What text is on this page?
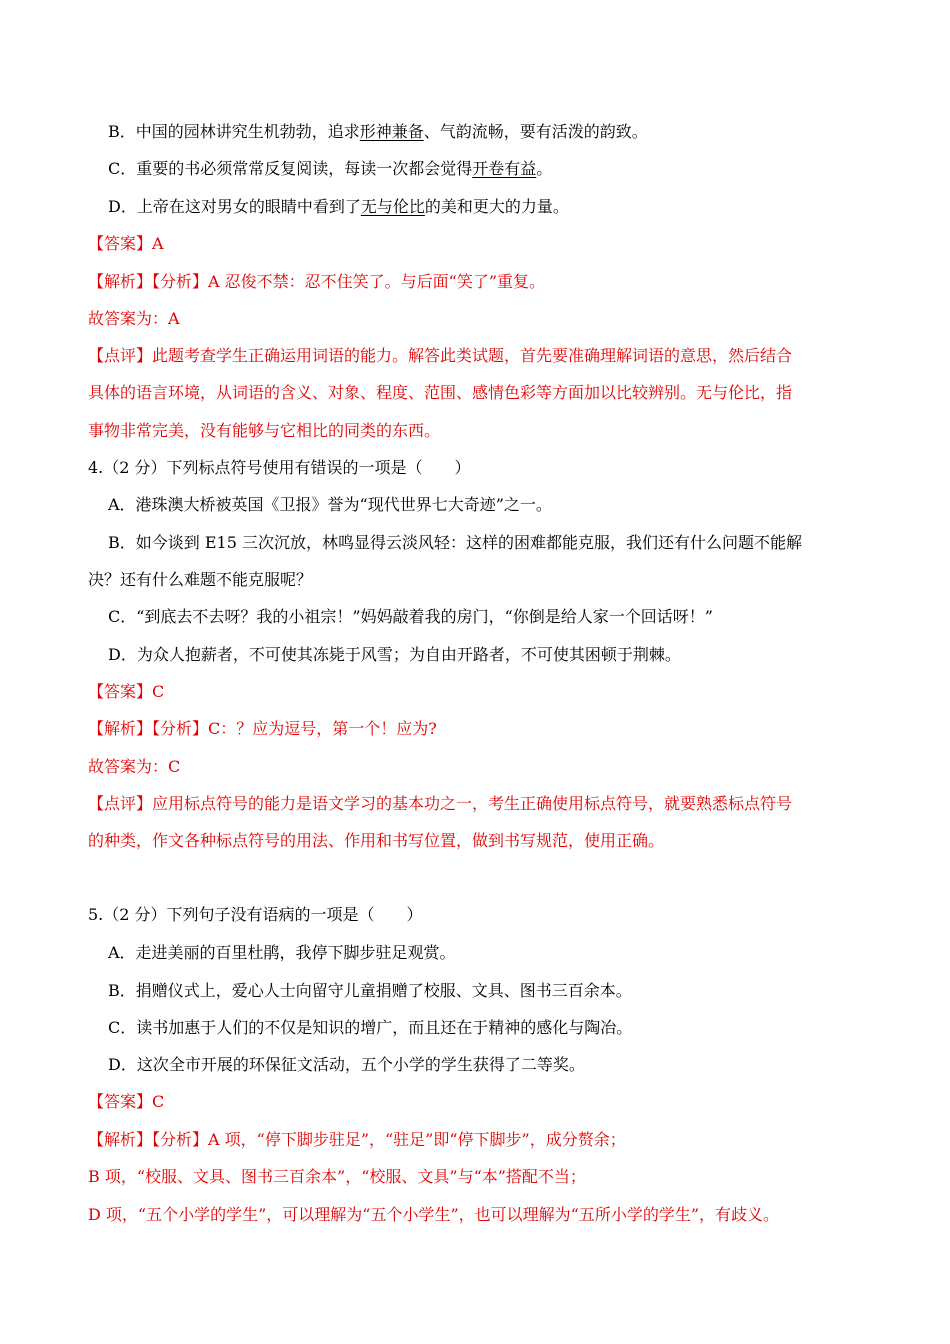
B．中国的园林讲究生机勃勃，追求形神兼备、气韵流畅，要有活泼的韵致。
C．重要的书必须常常反复阅读，每读一次都会觉得开卷有益。
D．上帝在这对男女的眼睛中看到了无与伦比的美和更大的力量。
【答案】A
【解析】【分析】A 忍俊不禁：忍不住笑了。与后面“笑了”重复。
故答案为：A
【点评】此题考查学生正确运用词语的能力。解答此类试题，首先要准确理解词语的意思，然后结合
具体的语言环境，从词语的含义、对象、程度、范围、感情色彩等方面加以比较辨别。无与伦比，指
事物非常完美，没有能够与它相比的同类的东西。
4.（2 分）下列标点符号使用有错误的一项是（　　）
A．港珠澳大桥被英国《卫报》誉为“现代世界七大奇迹”之一。
B．如今谈到 E15 三次沉放，林鸣显得云淡风轻：这样的困难都能克服，我们还有什么问题不能解
决？还有什么难题不能克服呢？
C．“到底去不去呀？我的小祖宗！”妈妈敲着我的房门，“你倒是给人家一个回话呀！”
D．为众人抱薪者，不可使其冻毙于风雪；为自由开路者，不可使其困顿于荆棘。
【答案】C
【解析】【分析】C：？应为逗号，第一个！应为?
故答案为：C
【点评】应用标点符号的能力是语文学习的基本功之一，考生正确使用标点符号，就要熟悉标点符号
的种类，作文各种标点符号的用法、作用和书写位置，做到书写规范，使用正确。
5.（2 分）下列句子没有语病的一项是（　　）
A．走进美丽的百里杜鹃，我停下脚步驻足观赏。
B．捐赠仪式上，爱心人士向留守儿童捐赠了校服、文具、图书三百余本。
C．读书加惠于人们的不仅是知识的增广，而且还在于精神的感化与陶冶。
D．这次全市开展的环保征文活动，五个小学的学生获得了二等奖。
【答案】C
【解析】【分析】A 项，“停下脚步驻足”，“驻足”即“停下脚步”，成分赘余；
B 项，“校服、文具、图书三百余本”，“校服、文具”与“本”搭配不当；
D 项，“五个小学的学生”，可以理解为“五个小学生”，也可以理解为“五所小学的学生”，有歧义。
